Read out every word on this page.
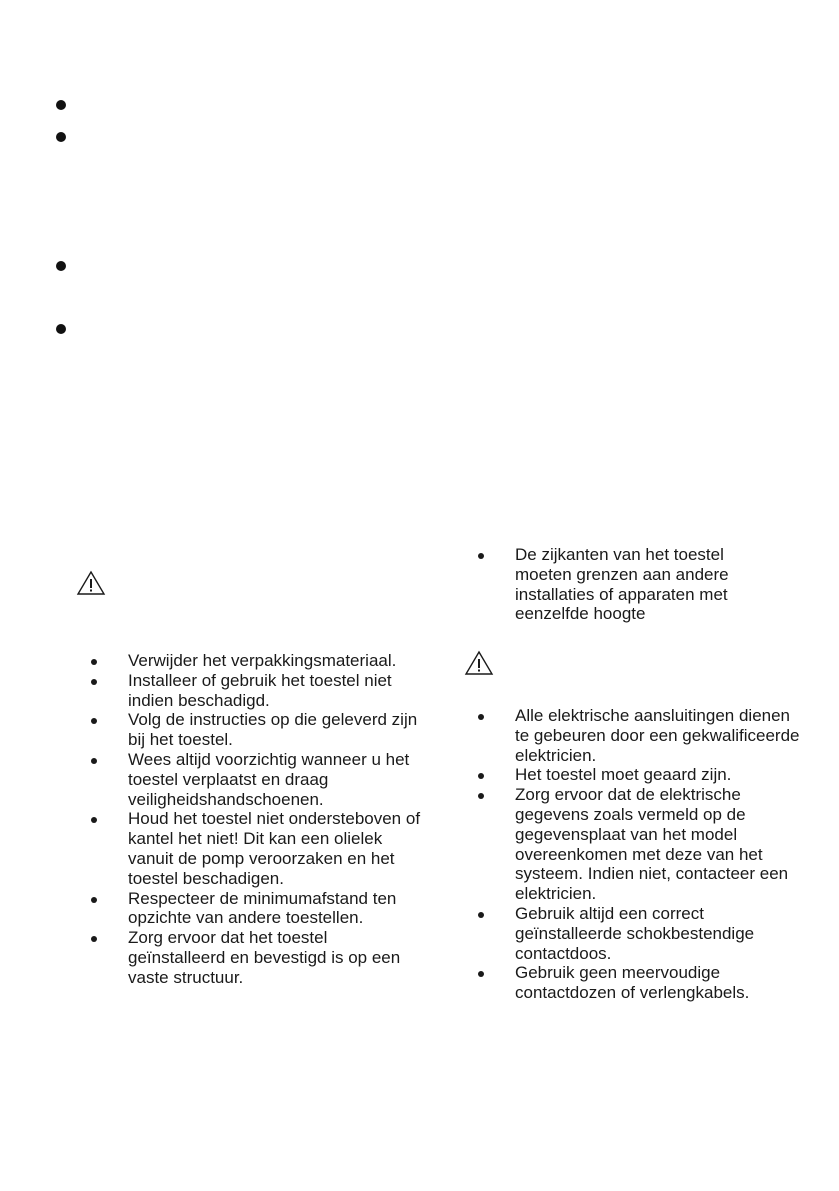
Verwijder het verpakkingsmateriaal.
Installeer of gebruik het toestel niet indien beschadigd.
Volg de instructies op die geleverd zijn bij het toestel.
Wees altijd voorzichtig wanneer u het toestel verplaatst en draag veiligheidshandschoenen.
Houd het toestel niet ondersteboven of kantel het niet! Dit kan een olielek vanuit de pomp veroorzaken en het toestel beschadigen.
Respecteer de minimumafstand ten opzichte van andere toestellen.
Zorg ervoor dat het toestel geïnstalleerd en bevestigd is op een vaste structuur.
De zijkanten van het toestel moeten grenzen aan andere installaties of apparaten met eenzelfde hoogte
Alle elektrische aansluitingen dienen te gebeuren door een gekwalificeerde elektricien.
Het toestel moet geaard zijn.
Zorg ervoor dat de elektrische gegevens zoals vermeld op de gegevensplaat van het model overeenkomen met deze van het systeem. Indien niet, contacteer een elektricien.
Gebruik altijd een correct geïnstalleerde schokbestendige contactdoos.
Gebruik geen meervoudige contactdozen of verlengkabels.
